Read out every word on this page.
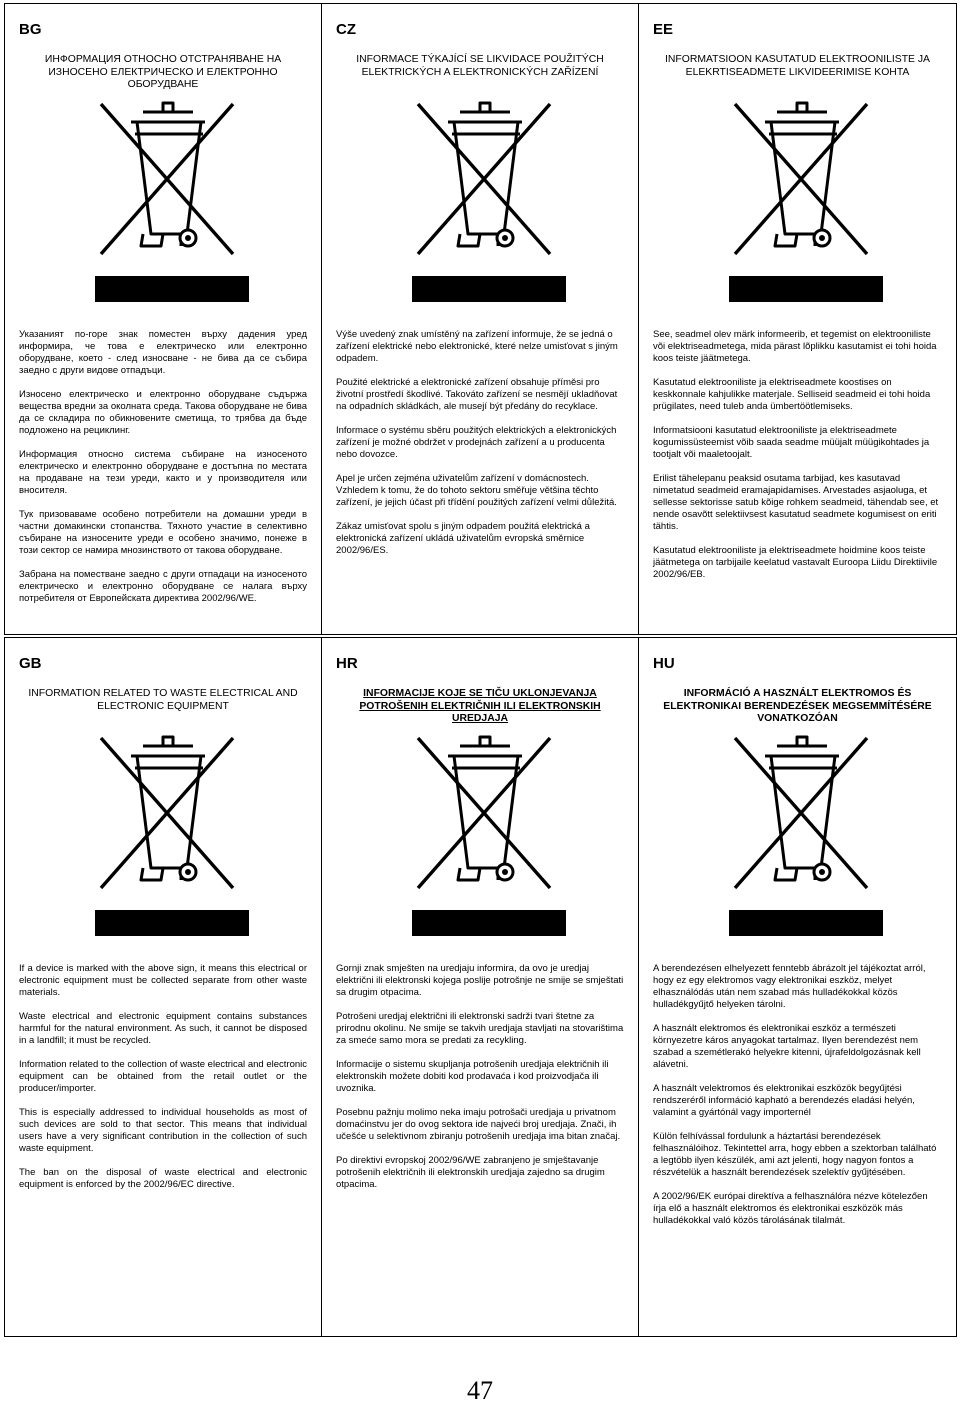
BG
ИНФОРМАЦИЯ ОТНОСНО ОТСТРАНЯВАНЕ НА ИЗНОСЕНО ЕЛЕКТРИЧЕСКО И ЕЛЕКТРОННО ОБОРУДВАНЕ

Указаният по-горе знак поместен върху дадения уред информира, че това е електрическо или електронно оборудване, което - след износване - не бива да се събира заедно с други видове отпадъци.

Износено електрическо и електронно оборудване съдържа вещества вредни за околната среда. Такова оборудване не бива да се складира по обикновените сметища, то трябва да бъде подложено на рециклинг.

Информация относно система събиране на износеното електрическо и електронно оборудване е достъпна по местата на продаване на тези уреди, както и у производителя или вносителя.

Тук призоваваме особено потребители на домашни уреди в частни домакински стопанства. Тяхното участие в селективно събиране на износените уреди е особено значимо, понеже в този сектор се намира мнозинството от такова оборудване.

Забрана на поместване заедно с други отпадаци на износеното електрическо и електронно оборудване се налага върху потребителя от Европейската директива 2002/96/WE.

CZ
INFORMACE TÝKAJÍCÍ SE LIKVIDACE POUŽITÝCH ELEKTRICKÝCH A ELEKTRONICKÝCH ZAŘÍZENÍ

Výše uvedený znak umístěný na zařízení informuje, že se jedná o zařízení elektrické nebo elektronické, které nelze umisťovat s jiným odpadem.

Použité elektrické a elektronické zařízení obsahuje příměsi pro životní prostředí škodlivé. Takováto zařízení se nesmějí ukladňovat na odpadních skládkách, ale musejí být předány do recyklace.

Informace o systému sběru použitých elektrických a elektronických zařízení je možné obdržet v prodejnách zařízení a u producenta nebo dovozce.

Apel je určen zejména uživatelům zařízení v domácnostech. Vzhledem k tomu, že do tohoto sektoru směřuje většina těchto zařízení, je jejich účast při třídění použitých zařízení velmi důležitá.

Zákaz umisťovat spolu s jiným odpadem použitá elektrická a elektronická zařízení ukládá uživatelům evropská směrnice 2002/96/ES.

EE
INFORMATSIOON KASUTATUD ELEKTROONILISTE JA ELEKRTISEADMETE LIKVIDEERIMISE KOHTA

See, seadmel olev märk informeerib, et tegemist on elektrooniliste või elektriseadmetega, mida pärast lõplikku kasutamist ei tohi hoida koos teiste jäätmetega.

Kasutatud elektrooniliste ja elektriseadmete koostises on keskkonnale kahjulikke materjale. Selliseid seadmeid ei tohi hoida prügilates, need tuleb anda ümbertöötlemiseks.

Informatsiooni kasutatud elektrooniliste ja elektriseadmete kogumissüsteemist võib saada seadme müüjalt müügikohtades ja tootjalt või maaletoojalt.

Erilist tähelepanu peaksid osutama tarbijad, kes kasutavad nimetatud seadmeid eramajapidamises. Arvestades asjaoluga, et sellesse sektorisse satub kõige rohkem seadmeid, tähendab see, et nende osavõtt selektiivsest kasutatud seadmete kogumisest on eriti tähtis.

Kasutatud elektrooniliste ja elektriseadmete hoidmine koos teiste jäätmetega on tarbijaile keelatud vastavalt Euroopa Liidu Direktiivile 2002/96/EB.

GB
INFORMATION RELATED TO WASTE ELECTRICAL AND ELECTRONIC EQUIPMENT

If a device is marked with the above sign, it means this electrical or electronic equipment must be collected separate from other waste materials.

Waste electrical and electronic equipment contains substances harmful for the natural environment. As such, it cannot be disposed in a landfill; it must be recycled.

Information related to the collection of waste electrical and electronic equipment can be obtained from the retail outlet or the producer/importer.

This is especially addressed to individual households as most of such devices are sold to that sector. This means that individual users have a very significant contribution in the collection of such waste equipment.

The ban on the disposal of waste electrical and electronic equipment is enforced by the 2002/96/EC directive.

HR
INFORMACIJE KOJE SE TIČU UKLONJEVANJA POTROŠENIH ELEKTRIČNIH ILI ELEKTRONSKIH UREDJAJA

Gornji znak smješten na uredjaju informira, da ovo je uredjaj električni ili elektronski kojega poslije potrošnje ne smije se smještati sa drugim otpacima.

Potrošeni uredjaj električni ili elektronski sadrži tvari štetne za prirodnu okolinu. Ne smije se takvih uredjaja stavljati na stovarištima za smeće samo mora se predati za recykling.

Informacije o sistemu skupljanja potrošenih uredjaja električnih ili elektronskih možete dobiti kod prodavaća i kod proizvodjača ili uvoznika.

Posebnu pažnju molimo neka imaju potrošači uredjaja u privatnom domaćinstvu jer do ovog sektora ide najveći broj uredjaja. Znači, ih učešće u selektivnom zbiranju potrošenih uredjaja ima bitan značaj.

Po direktivi evropskoj 2002/96/WE zabranjeno je smještavanje potrošenih električnih ili elektronskih uredjaja zajedno sa drugim otpacima.

HU
INFORMÁCIÓ A HASZNÁLT ELEKTROMOS ÉS ELEKTRONIKAI BERENDEZÉSEK MEGSEMMÍTÉSÉRE VONATKOZÓAN

A berendezésen elhelyezett fenntebb ábrázolt jel tájékoztat arról, hogy ez egy elektromos vagy elektronikai eszköz, melyet elhasználódás után nem szabad más hulladékokkal közös hulladékgyűjtő helyeken tárolni.

A használt elektromos és elektronikai eszköz a természeti környezetre káros anyagokat tartalmaz. Ilyen berendezést nem szabad a szemétlerakó helyekre kitenni, újrafeldolgozásnak kell alávetni.

A használt velektromos és elektronikai eszközök begyűjtési rendszeréről információ kapható a berendezés eladási helyén, valamint a gyártónál vagy importernél

Külön felhívással fordulunk a háztartási berendezések felhasználóihoz. Tekintettel arra, hogy ebben a szektorban található a legtöbb ilyen készülék, ami azt jelenti, hogy nagyon fontos a részvételük a használt berendezések szelektív gyűjtésében.

A 2002/96/EK európai direktíva a felhasználóra nézve kötelezően írja elő a használt elektromos és elektronikai eszközök más hulladékokkal való közös tárolásának tilalmát.

47
